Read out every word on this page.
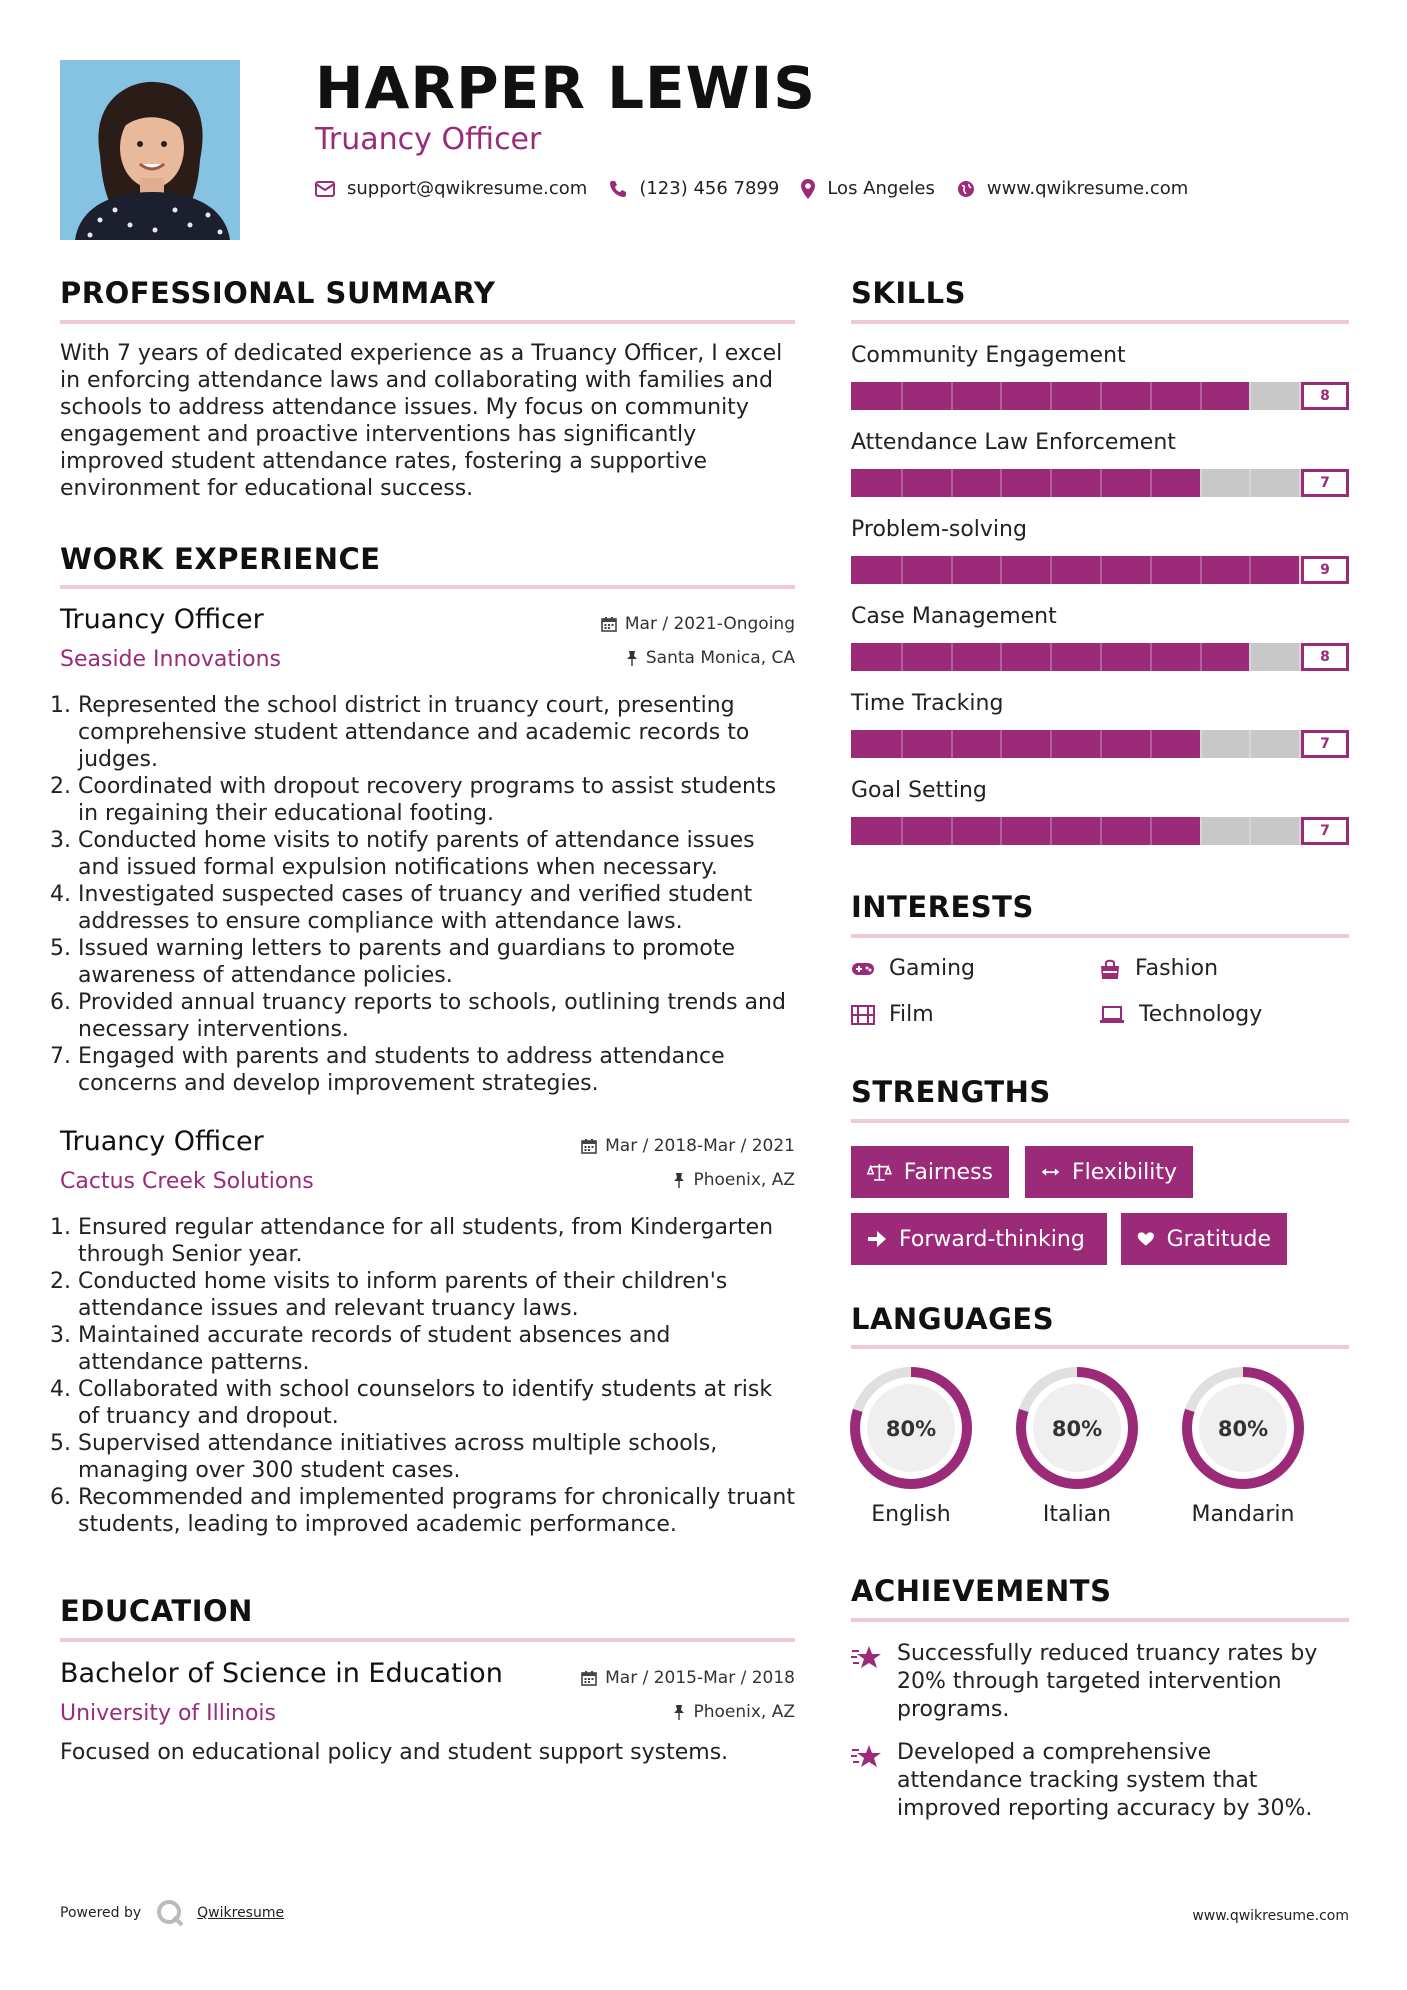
HARPER LEWIS
Truancy Officer
support@qwikresume.com	(123) 456 7899	Los Angeles	www.qwikresume.com
PROFESSIONAL SUMMARY
With 7 years of dedicated experience as a Truancy Officer, I excel in enforcing attendance laws and collaborating with families and schools to address attendance issues. My focus on community engagement and proactive interventions has significantly improved student attendance rates, fostering a supportive environment for educational success.
WORK EXPERIENCE
Truancy Officer	Mar / 2021-Ongoing
Seaside Innovations	Santa Monica, CA
1. Represented the school district in truancy court, presenting comprehensive student attendance and academic records to judges.
2. Coordinated with dropout recovery programs to assist students in regaining their educational footing.
3. Conducted home visits to notify parents of attendance issues and issued formal expulsion notifications when necessary.
4. Investigated suspected cases of truancy and verified student addresses to ensure compliance with attendance laws.
5. Issued warning letters to parents and guardians to promote awareness of attendance policies.
6. Provided annual truancy reports to schools, outlining trends and necessary interventions.
7. Engaged with parents and students to address attendance concerns and develop improvement strategies.
Truancy Officer	Mar / 2018-Mar / 2021
Cactus Creek Solutions	Phoenix, AZ
1. Ensured regular attendance for all students, from Kindergarten through Senior year.
2. Conducted home visits to inform parents of their children's attendance issues and relevant truancy laws.
3. Maintained accurate records of student absences and attendance patterns.
4. Collaborated with school counselors to identify students at risk of truancy and dropout.
5. Supervised attendance initiatives across multiple schools, managing over 300 student cases.
6. Recommended and implemented programs for chronically truant students, leading to improved academic performance.
EDUCATION
Bachelor of Science in Education	Mar / 2015-Mar / 2018
University of Illinois	Phoenix, AZ
Focused on educational policy and student support systems.
SKILLS
Community Engagement
8
Attendance Law Enforcement
7
Problem-solving
9
Case Management
8
Time Tracking
7
Goal Setting
7
INTERESTS
Gaming	Fashion
Film	Technology
STRENGTHS
Fairness	Flexibility
Forward-thinking	Gratitude
LANGUAGES
80%
English
80%
Italian
80%
Mandarin
ACHIEVEMENTS
Successfully reduced truancy rates by 20% through targeted intervention programs.
Developed a comprehensive attendance tracking system that improved reporting accuracy by 30%.
Powered by	Qwikresume	www.qwikresume.com
